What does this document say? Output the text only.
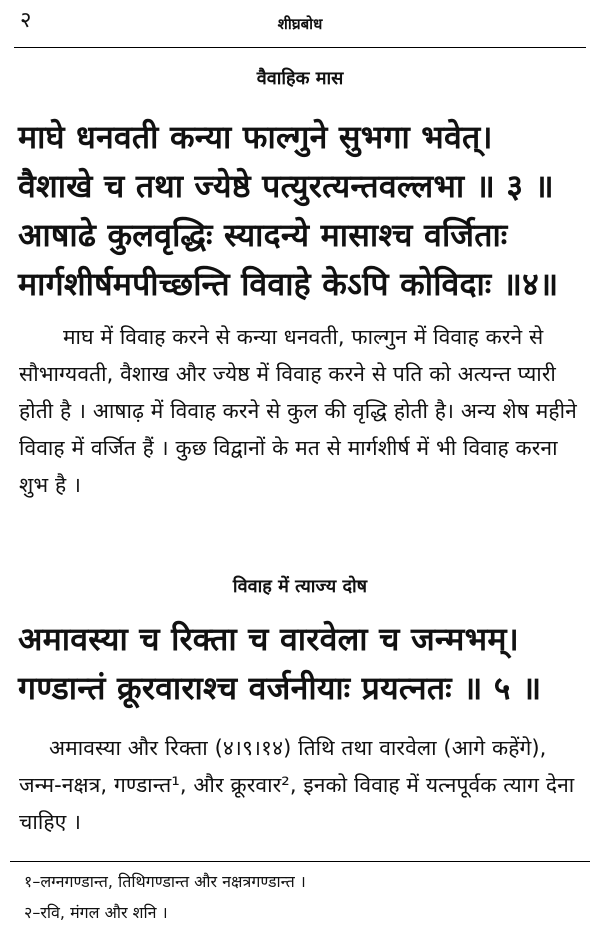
२	शीघ्रबोध
वैवाहिक मास
माघे धनवती कन्या फाल्गुने सुभगा भवेत्।
वैशाखे च तथा ज्येष्ठे पत्युरत्यन्तवल्लभा ॥ ३ ॥
आषाढे कुलवृद्धिः स्यादन्ये मासाश्च वर्जिताः
मार्गशीर्षमपीच्छन्ति विवाहे केऽपि कोविदाः ॥४॥

माघ में विवाह करने से कन्या धनवती, फाल्गुन में विवाह करने से सौभाग्यवती, वैशाख और ज्येष्ठ में विवाह करने से पति को अत्यन्त प्यारी होती है । आषाढ़ में विवाह करने से कुल की वृद्धि होती है। अन्य शेष महीने विवाह में वर्जित हैं । कुछ विद्वानों के मत से मार्गशीर्ष में भी विवाह करना शुभ है ।

विवाह में त्याज्य दोष
अमावस्या च रिक्ता च वारवेला च जन्मभम्।
गण्डान्तं क्रूरवाराश्च वर्जनीयाः प्रयत्नतः ॥ ५ ॥

अमावस्या और रिक्ता (४।९।१४) तिथि तथा वारवेला (आगे कहेंगे), जन्म-नक्षत्र, गण्डान्त¹, और क्रूरवार², इनको विवाह में यत्नपूर्वक त्याग देना चाहिए ।

१–लग्नगण्डान्त, तिथिगण्डान्त और नक्षत्रगण्डान्त ।
२–रवि, मंगल और शनि ।
